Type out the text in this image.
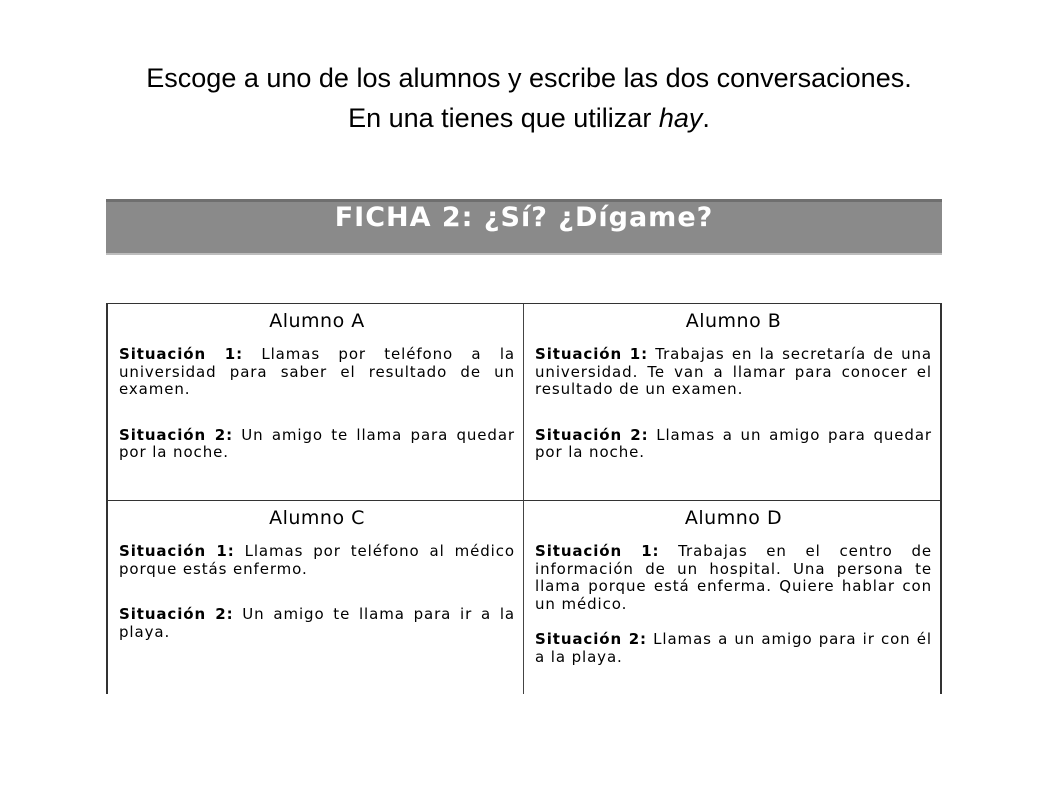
Escoge a uno de los alumnos y escribe las dos conversaciones.
En una tienes que utilizar hay.
FICHA 2: ¿Sí? ¿Dígame?
Alumno A

Situación 1: Llamas por teléfono a la universidad para saber el resultado de un examen.

Situación 2: Un amigo te llama para quedar por la noche.

Alumno B

Situación 1: Trabajas en la secretaría de una universidad. Te van a llamar para conocer el resultado de un examen.

Situación 2: Llamas a un amigo para quedar por la noche.

Alumno C

Situación 1: Llamas por teléfono al médico porque estás enfermo.

Situación 2: Un amigo te llama para ir a la playa.

Alumno D

Situación 1: Trabajas en el centro de información de un hospital. Una persona te llama porque está enferma. Quiere hablar con un médico.

Situación 2: Llamas a un amigo para ir con él a la playa.
